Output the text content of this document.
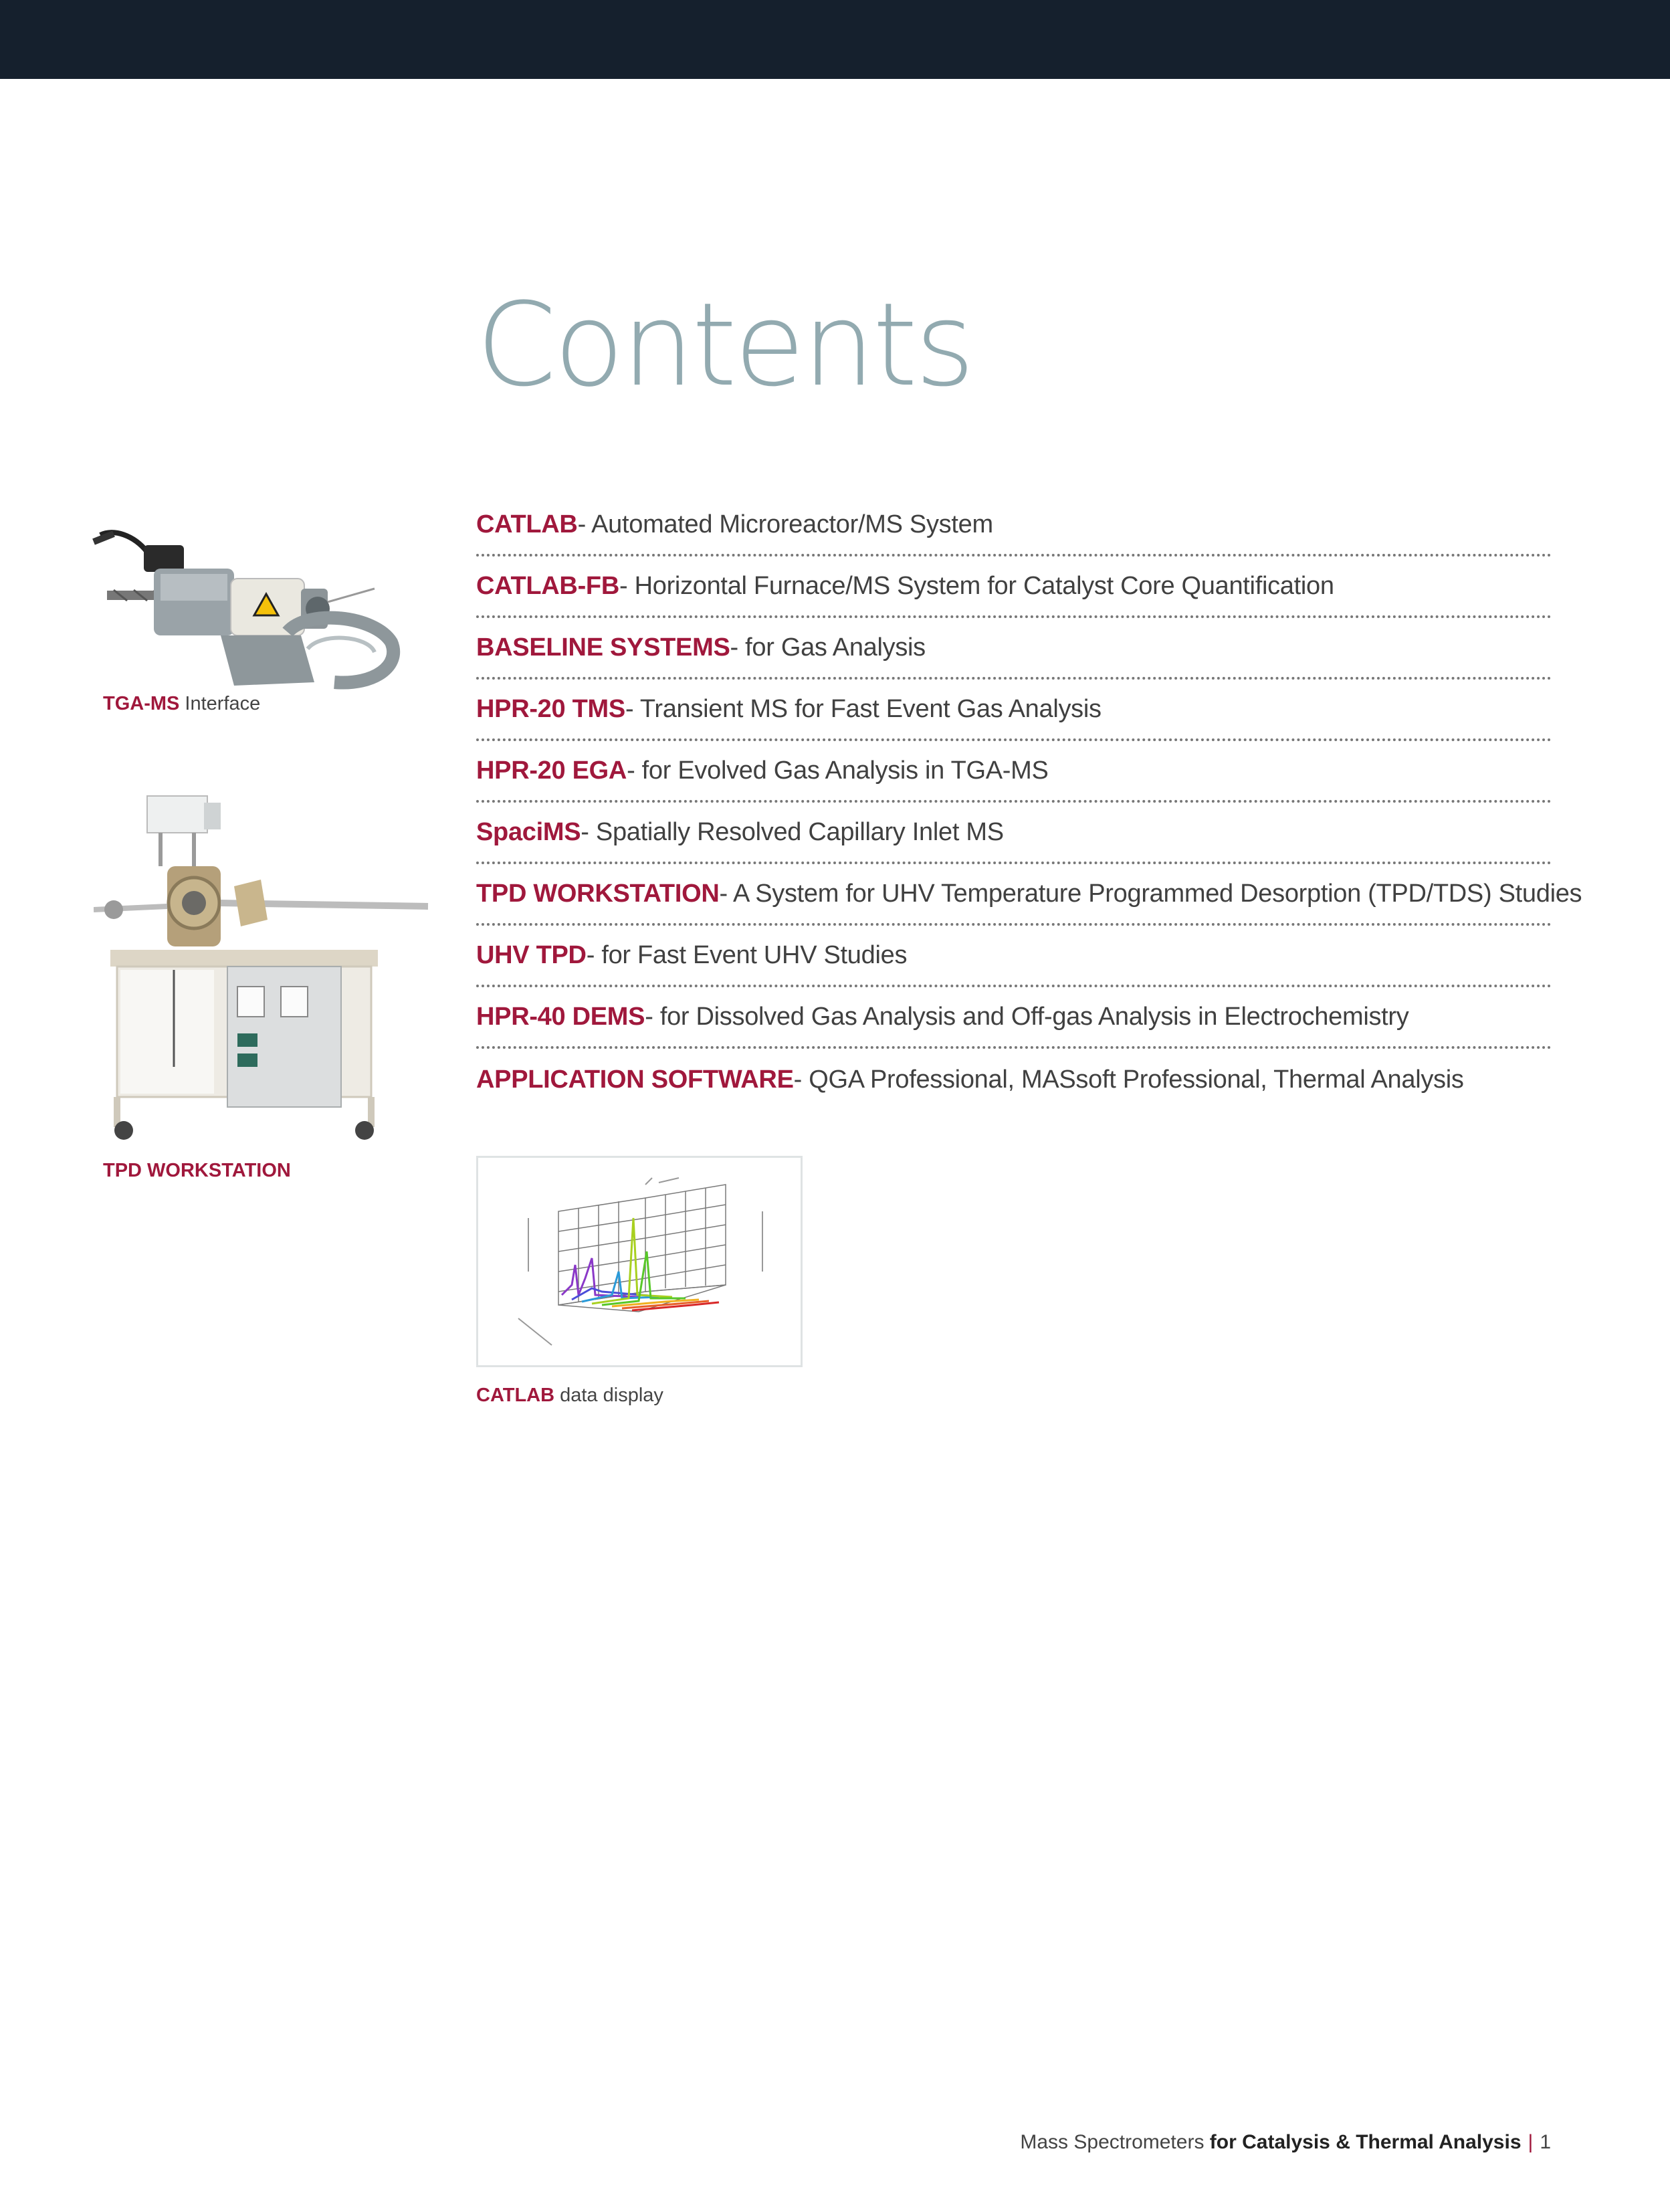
Contents
TGA-MS Interface
TPD WORKSTATION
CATLAB - Automated Microreactor/MS System
CATLAB-FB - Horizontal Furnace/MS System for Catalyst Core Quantification
BASELINE SYSTEMS - for Gas Analysis
HPR-20 TMS - Transient MS for Fast Event Gas Analysis
HPR-20 EGA - for Evolved Gas Analysis in TGA-MS
SpaciMS - Spatially Resolved Capillary Inlet MS
TPD WORKSTATION - A System for UHV Temperature Programmed Desorption (TPD/TDS) Studies
UHV TPD - for Fast Event UHV Studies
HPR-40 DEMS - for Dissolved Gas Analysis and Off-gas Analysis in Electrochemistry
APPLICATION SOFTWARE - QGA Professional, MASsoft Professional, Thermal Analysis
CATLAB data display
Mass Spectrometers for Catalysis & Thermal Analysis | 1
